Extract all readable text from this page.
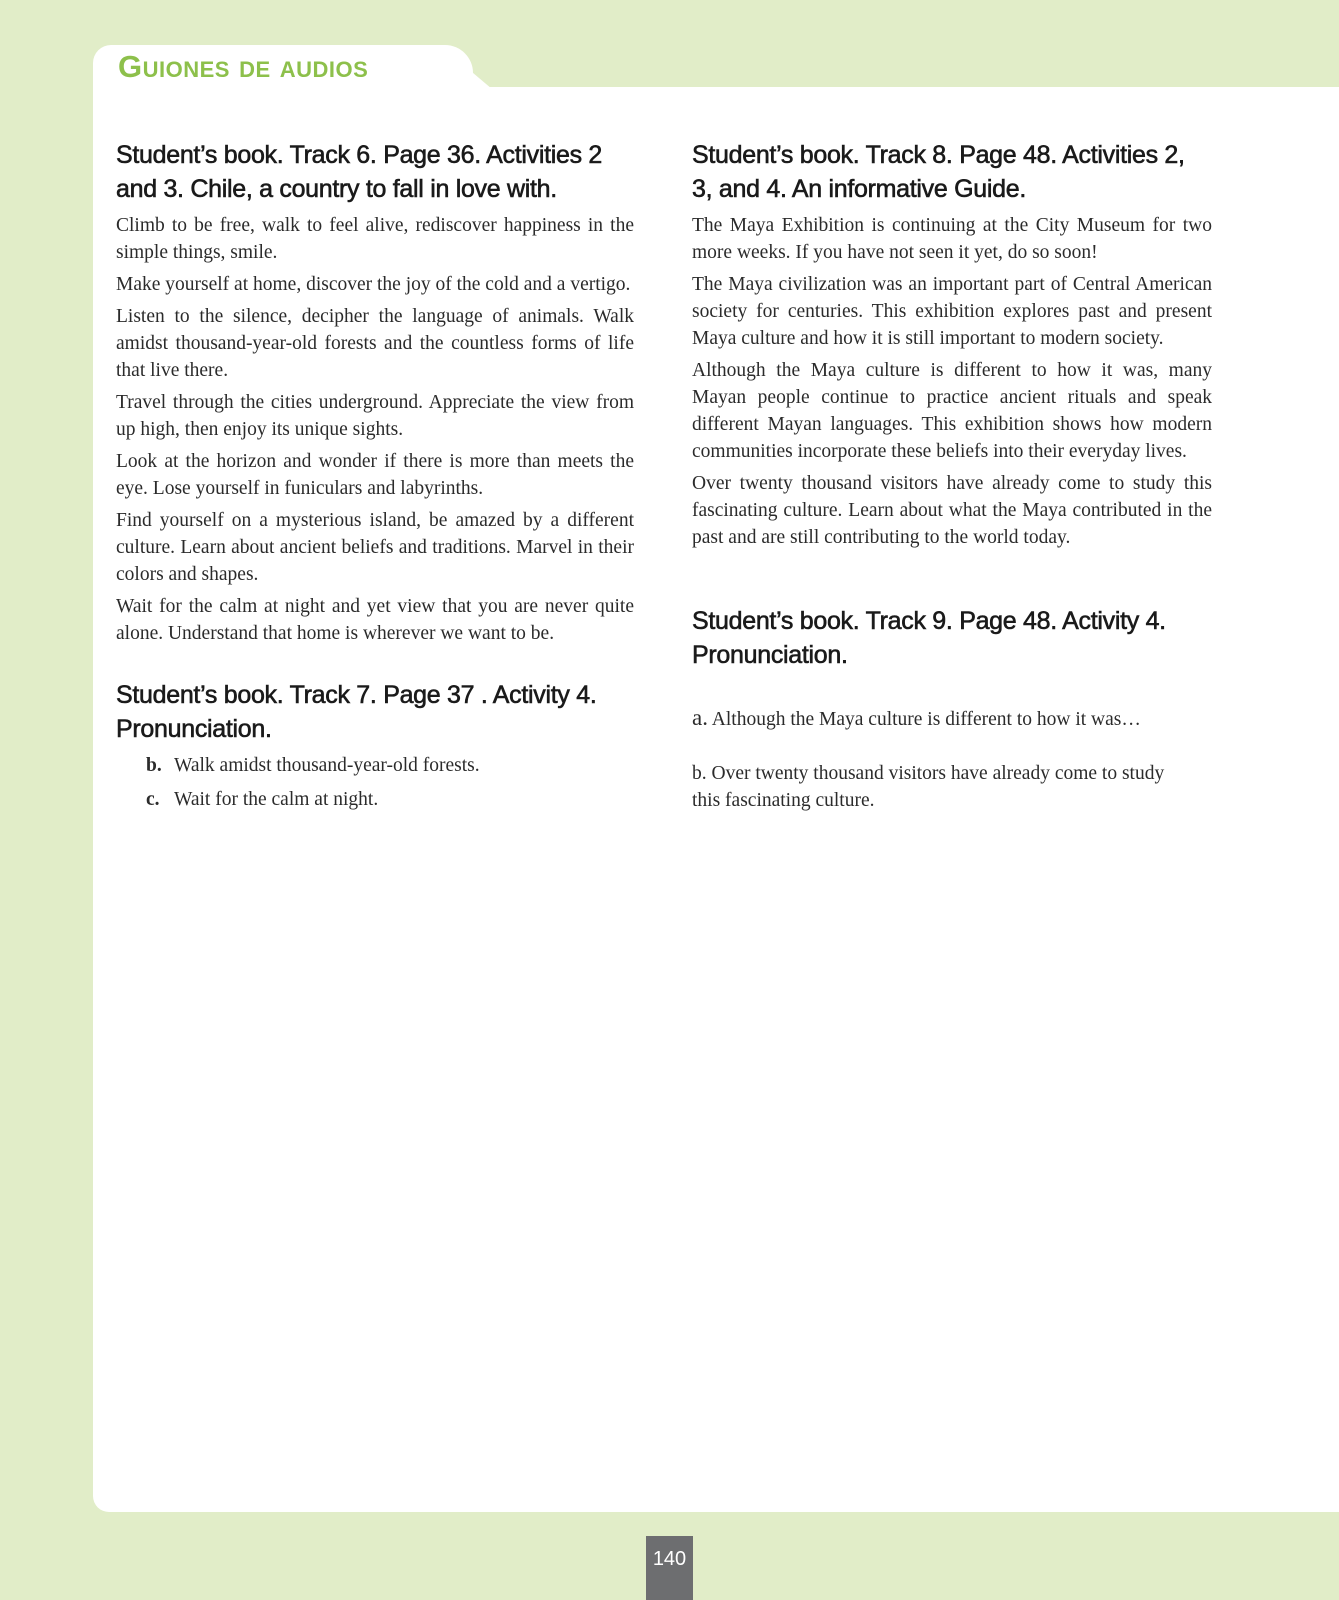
Guiones de audios
Student’s book. Track 6. Page 36. Activities 2
and 3. Chile, a country to fall in love with.

Climb to be free, walk to feel alive, rediscover happiness in the simple things, smile.

Make yourself at home, discover the joy of the cold and a vertigo.

Listen to the silence, decipher the language of animals. Walk amidst thousand-year-old forests and the countless forms of life that live there.

Travel through the cities underground. Appreciate the view from up high, then enjoy its unique sights.

Look at the horizon and wonder if there is more than meets the eye. Lose yourself in funiculars and labyrinths.

Find yourself on a mysterious island, be amazed by a different culture. Learn about ancient beliefs and traditions. Marvel in their colors and shapes.

Wait for the calm at night and yet view that you are never quite alone. Understand that home is wherever we want to be.

Student’s book. Track 7. Page 37 . Activity 4.
Pronunciation.
b. Walk amidst thousand-year-old forests.
c. Wait for the calm at night.
Student’s book. Track 8. Page 48. Activities 2,
3, and 4. An informative Guide.

The Maya Exhibition is continuing at the City Museum for two more weeks. If you have not seen it yet, do so soon!

The Maya civilization was an important part of Central American society for centuries. This exhibition explores past and present Maya culture and how it is still important to modern society.

Although the Maya culture is different to how it was, many Mayan people continue to practice ancient rituals and speak different Mayan languages. This exhibition shows how modern communities incorporate these beliefs into their everyday lives.

Over twenty thousand visitors have already come to study this fascinating culture. Learn about what the Maya contributed in the past and are still contributing to the world today.

Student’s book. Track 9. Page 48. Activity 4.
Pronunciation.

a. Although the Maya culture is different to how it was…

b. Over twenty thousand visitors have already come to study this fascinating culture.

140
